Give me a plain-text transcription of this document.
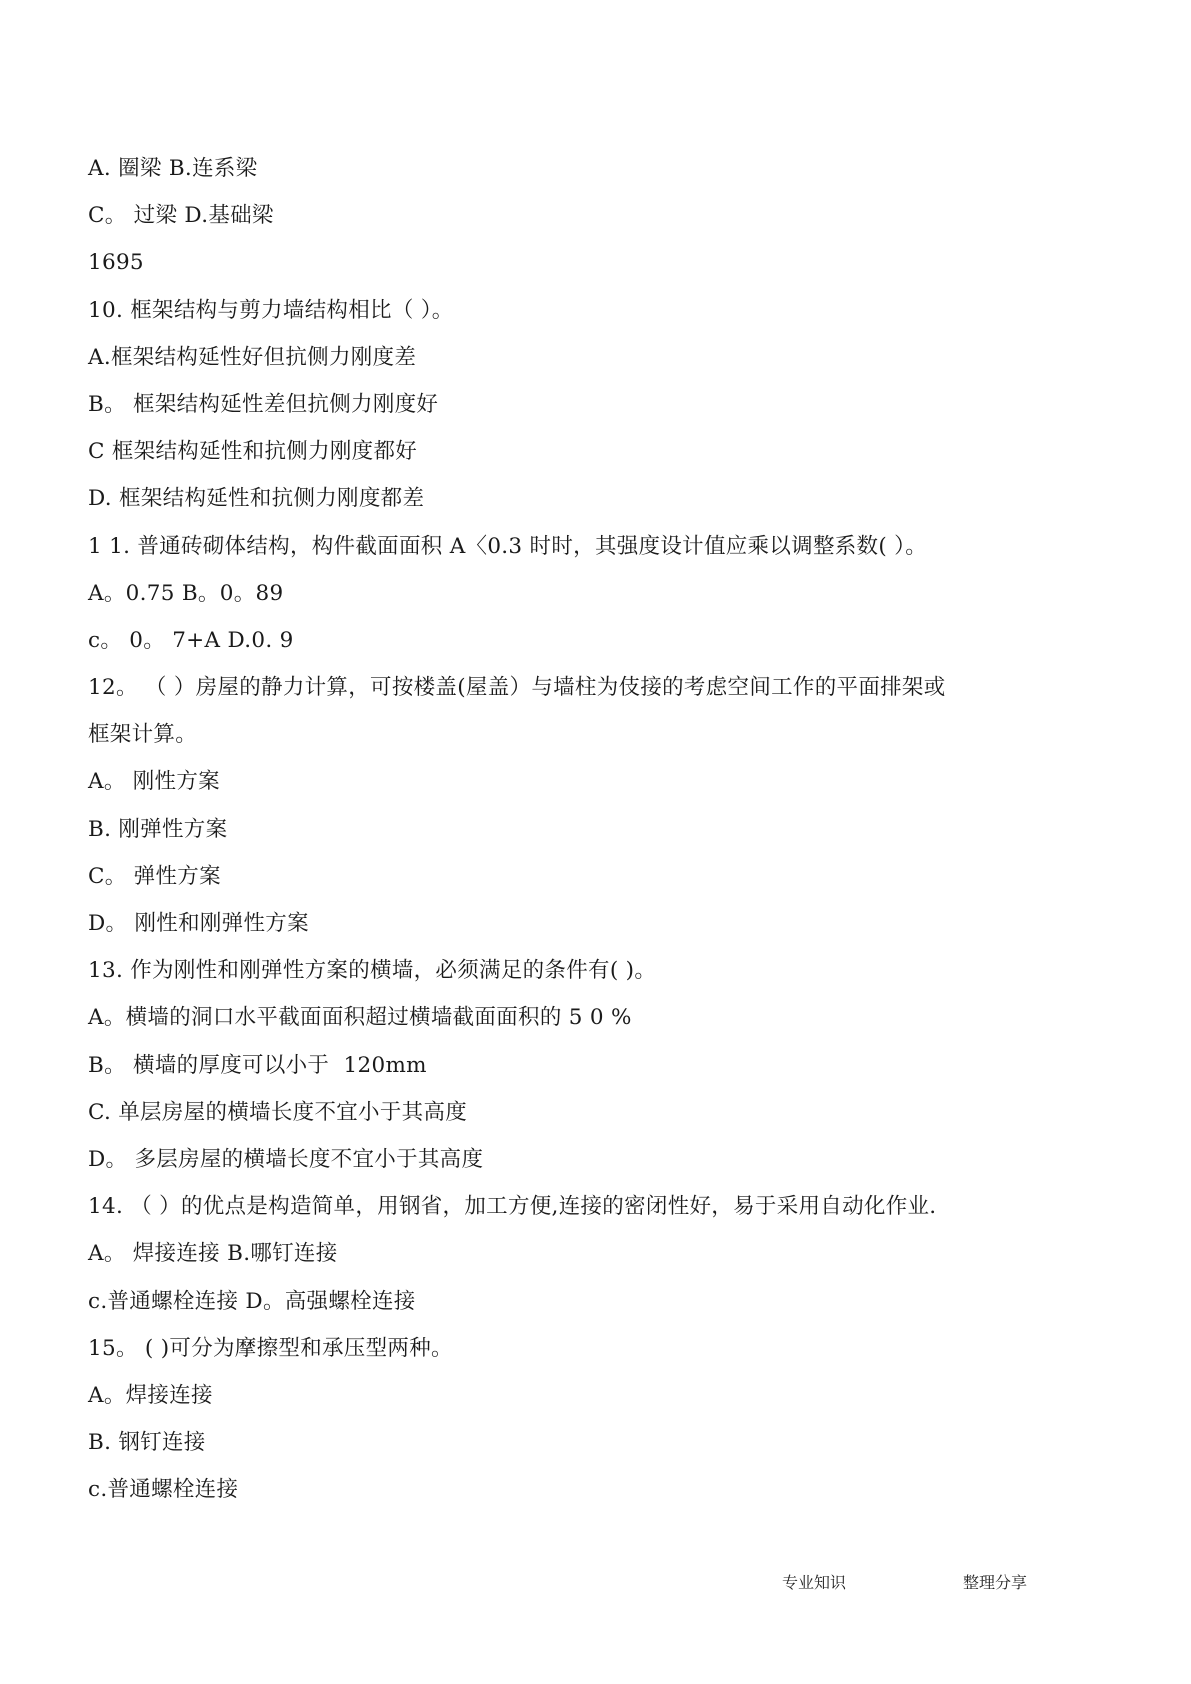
A. 圈梁 B.连系梁
C。 过梁 D.基础梁
1695
10. 框架结构与剪力墙结构相比（ ）。
A.框架结构延性好但抗侧力刚度差
B。 框架结构延性差但抗侧力刚度好
C 框架结构延性和抗侧力刚度都好
D. 框架结构延性和抗侧力刚度都差
1 1. 普通砖砌体结构，构件截面面积 A〈0.3 时时，其强度设计值应乘以调整系数( ）。
A。0.75 B。0。89
c。 0。 7+A D.0. 9
12。 （ ）房屋的静力计算，可按楼盖(屋盖）与墙柱为伎接的考虑空间工作的平面排架或
框架计算。
A。 刚性方案
B. 刚弹性方案
C。 弹性方案
D。 刚性和刚弹性方案
13. 作为刚性和刚弹性方案的横墙，必须满足的条件有( )。
A。横墙的洞口水平截面面积超过横墙截面面积的 5 0 %
B。 横墙的厚度可以小于  120mm
C. 单层房屋的横墙长度不宜小于其高度
D。 多层房屋的横墙长度不宜小于其高度
14. （ ）的优点是构造简单，用钢省，加工方便,连接的密闭性好，易于采用自动化作业.
A。 焊接连接 B.哪钉连接
c.普通螺栓连接 D。高强螺栓连接
15。 ( )可分为摩擦型和承压型两种。
A。焊接连接
B. 钢钉连接
c.普通螺栓连接
专业知识	整理分享
